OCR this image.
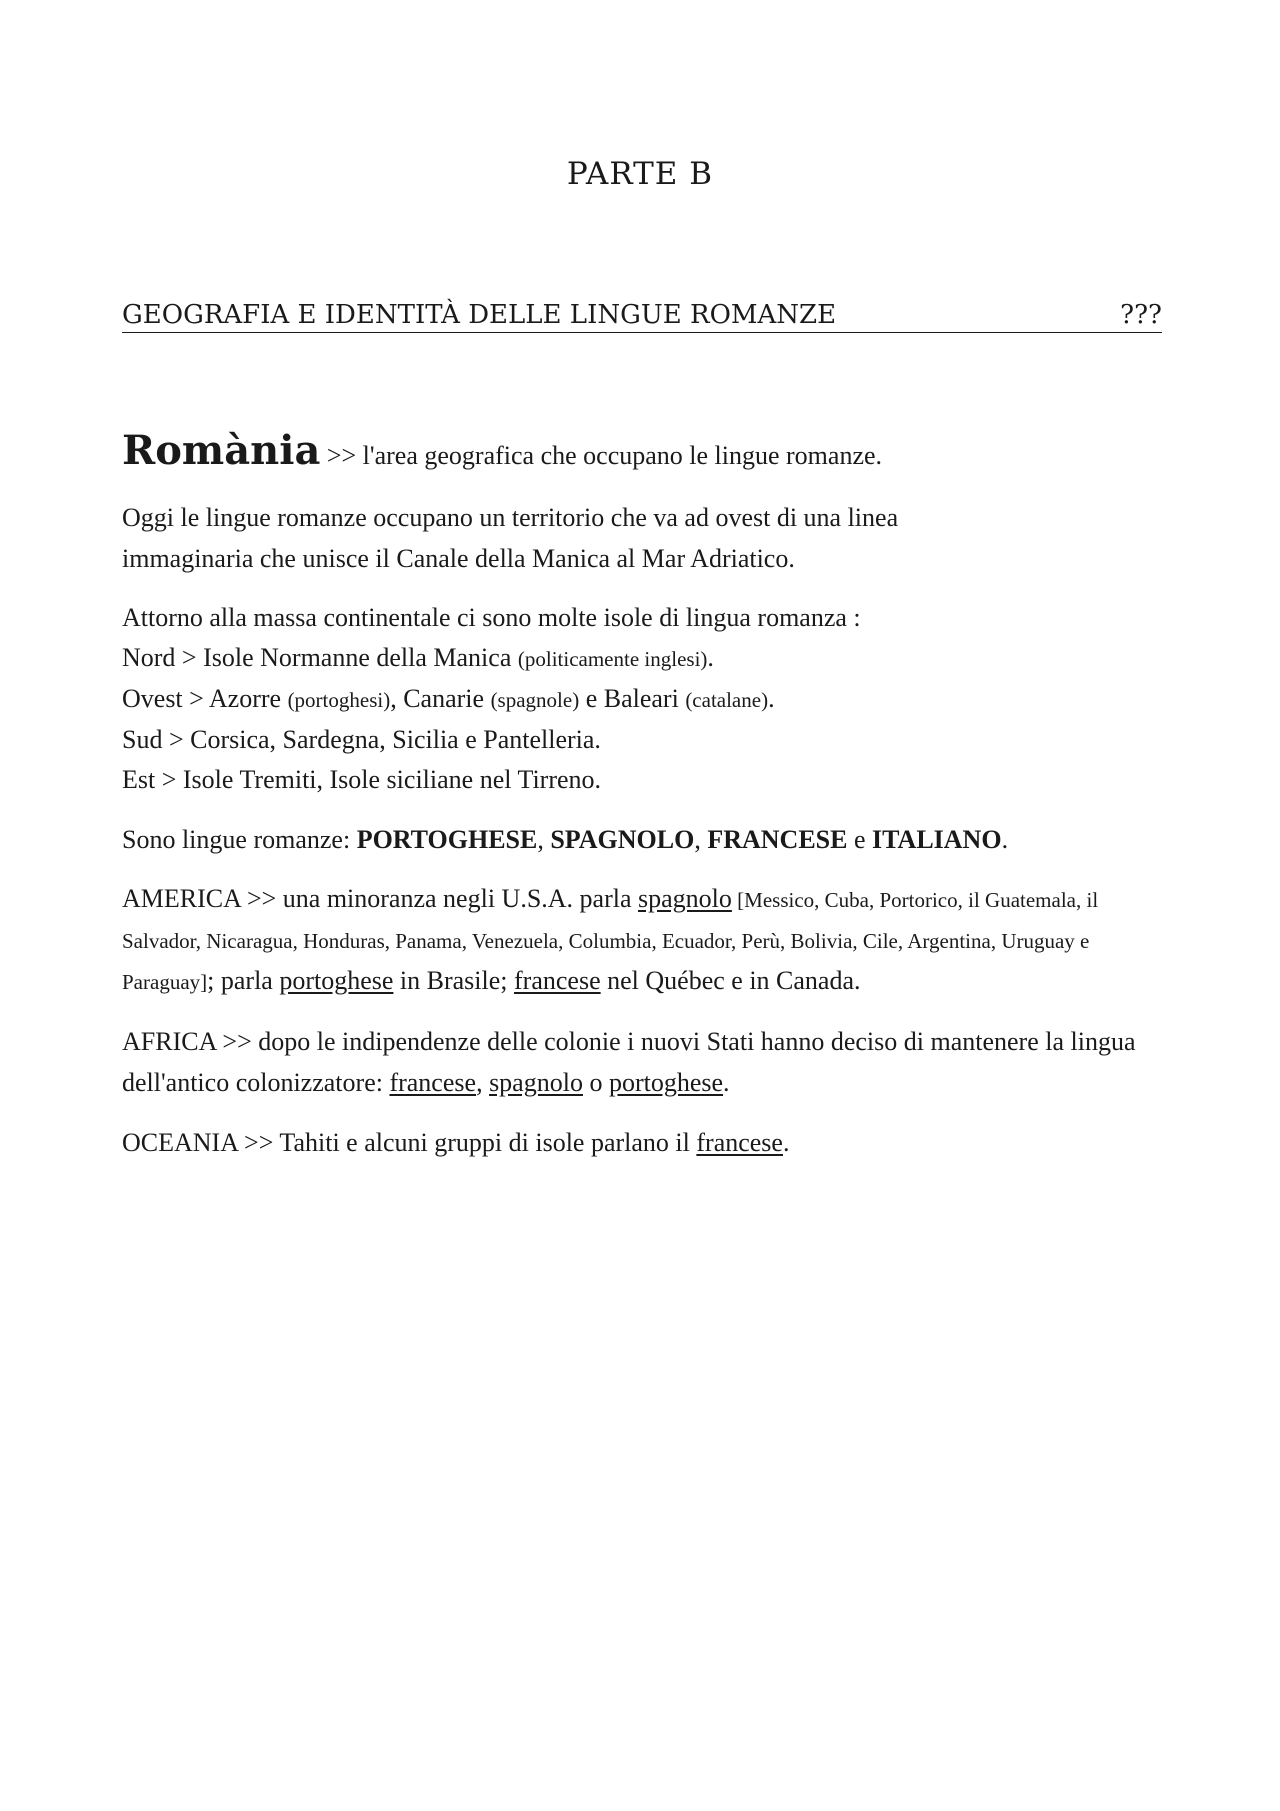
PARTE B
GEOGRAFIA E IDENTITÀ DELLE LINGUE ROMANZE	???

Romània >> l'area geografica che occupano le lingue romanze.

Oggi le lingue romanze occupano un territorio che va ad ovest di una linea
immaginaria che unisce il Canale della Manica al Mar Adriatico.

Attorno alla massa continentale ci sono molte isole di lingua romanza :
Nord > Isole Normanne della Manica (politicamente inglesi).
Ovest > Azorre (portoghesi), Canarie (spagnole) e Baleari (catalane).
Sud > Corsica, Sardegna, Sicilia e Pantelleria.
Est > Isole Tremiti, Isole siciliane nel Tirreno.

Sono lingue romanze: PORTOGHESE, SPAGNOLO, FRANCESE e ITALIANO.

AMERICA >> una minoranza negli U.S.A. parla spagnolo [Messico, Cuba, Portorico, il Guatemala, il Salvador, Nicaragua, Honduras, Panama, Venezuela, Columbia, Ecuador, Perù, Bolivia, Cile, Argentina, Uruguay e Paraguay]; parla portoghese in Brasile; francese nel Québec e in Canada.

AFRICA >> dopo le indipendenze delle colonie i nuovi Stati hanno deciso di mantenere la lingua dell'antico colonizzatore: francese, spagnolo o portoghese.

OCEANIA >> Tahiti e alcuni gruppi di isole parlano il francese.
